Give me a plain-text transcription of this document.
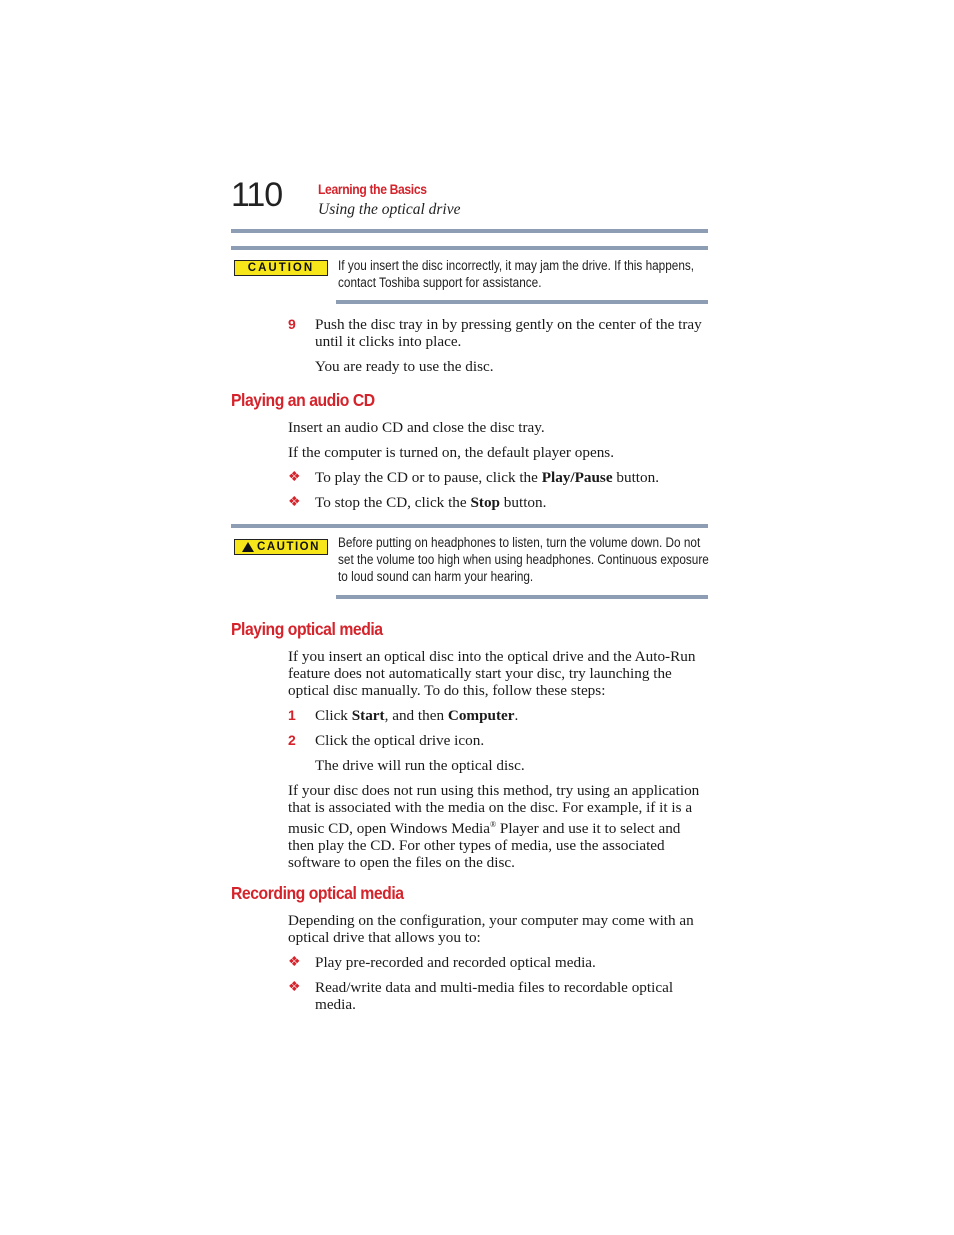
110	Learning the Basics
Using the optical drive
CAUTION If you insert the disc incorrectly, it may jam the drive. If this happens, contact Toshiba support for assistance.
9 Push the disc tray in by pressing gently on the center of the tray until it clicks into place.
You are ready to use the disc.
Playing an audio CD
Insert an audio CD and close the disc tray.
If the computer is turned on, the default player opens.
❖ To play the CD or to pause, click the Play/Pause button.
❖ To stop the CD, click the Stop button.
CAUTION Before putting on headphones to listen, turn the volume down. Do not set the volume too high when using headphones. Continuous exposure to loud sound can harm your hearing.
Playing optical media
If you insert an optical disc into the optical drive and the Auto-Run feature does not automatically start your disc, try launching the optical disc manually. To do this, follow these steps:
1 Click Start, and then Computer.
2 Click the optical drive icon.
The drive will run the optical disc.
If your disc does not run using this method, try using an application that is associated with the media on the disc. For example, if it is a music CD, open Windows Media® Player and use it to select and then play the CD. For other types of media, use the associated software to open the files on the disc.
Recording optical media
Depending on the configuration, your computer may come with an optical drive that allows you to:
❖ Play pre-recorded and recorded optical media.
❖ Read/write data and multi-media files to recordable optical media.
